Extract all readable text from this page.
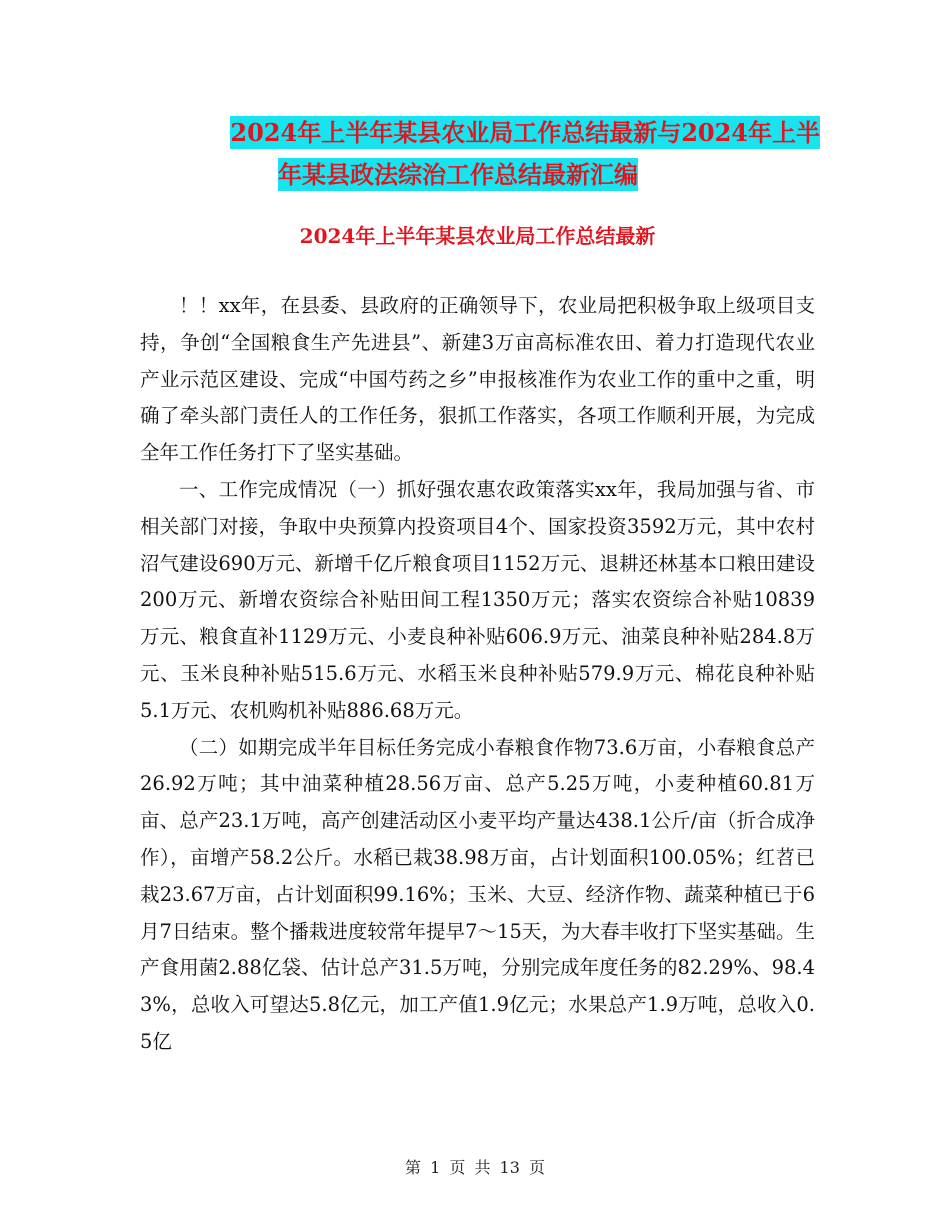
2024年上半年某县农业局工作总结最新与2024年上半
年某县政法综治工作总结最新汇编
2024年上半年某县农业局工作总结最新

！！xx年，在县委、县政府的正确领导下，农业局把积极争取上级项目支持，争创“全国粮食生产先进县”、新建3万亩高标准农田、着力打造现代农业产业示范区建设、完成“中国芍药之乡”申报核准作为农业工作的重中之重，明确了牵头部门责任人的工作任务，狠抓工作落实，各项工作顺利开展，为完成全年工作任务打下了坚实基础。

一、工作完成情况（一）抓好强农惠农政策落实xx年，我局加强与省、市相关部门对接，争取中央预算内投资项目4个、国家投资3592万元，其中农村沼气建设690万元、新增千亿斤粮食项目1152万元、退耕还林基本口粮田建设200万元、新增农资综合补贴田间工程1350万元；落实农资综合补贴10839万元、粮食直补1129万元、小麦良种补贴606.9万元、油菜良种补贴284.8万元、玉米良种补贴515.6万元、水稻玉米良种补贴579.9万元、棉花良种补贴5.1万元、农机购机补贴886.68万元。

（二）如期完成半年目标任务完成小春粮食作物73.6万亩，小春粮食总产26.92万吨；其中油菜种植28.56万亩、总产5.25万吨，小麦种植60.81万亩、总产23.1万吨，高产创建活动区小麦平均产量达438.1公斤/亩（折合成净作），亩增产58.2公斤。水稻已栽38.98万亩，占计划面积100.05%；红苕已栽23.67万亩，占计划面积99.16%；玉米、大豆、经济作物、蔬菜种植已于6月7日结束。整个播栽进度较常年提早7～15天，为大春丰收打下坚实基础。生产食用菌2.88亿袋、估计总产31.5万吨，分别完成年度任务的82.29%、98.43%，总收入可望达5.8亿元，加工产值1.9亿元；水果总产1.9万吨，总收入0.5亿

第 1 页 共 13 页
